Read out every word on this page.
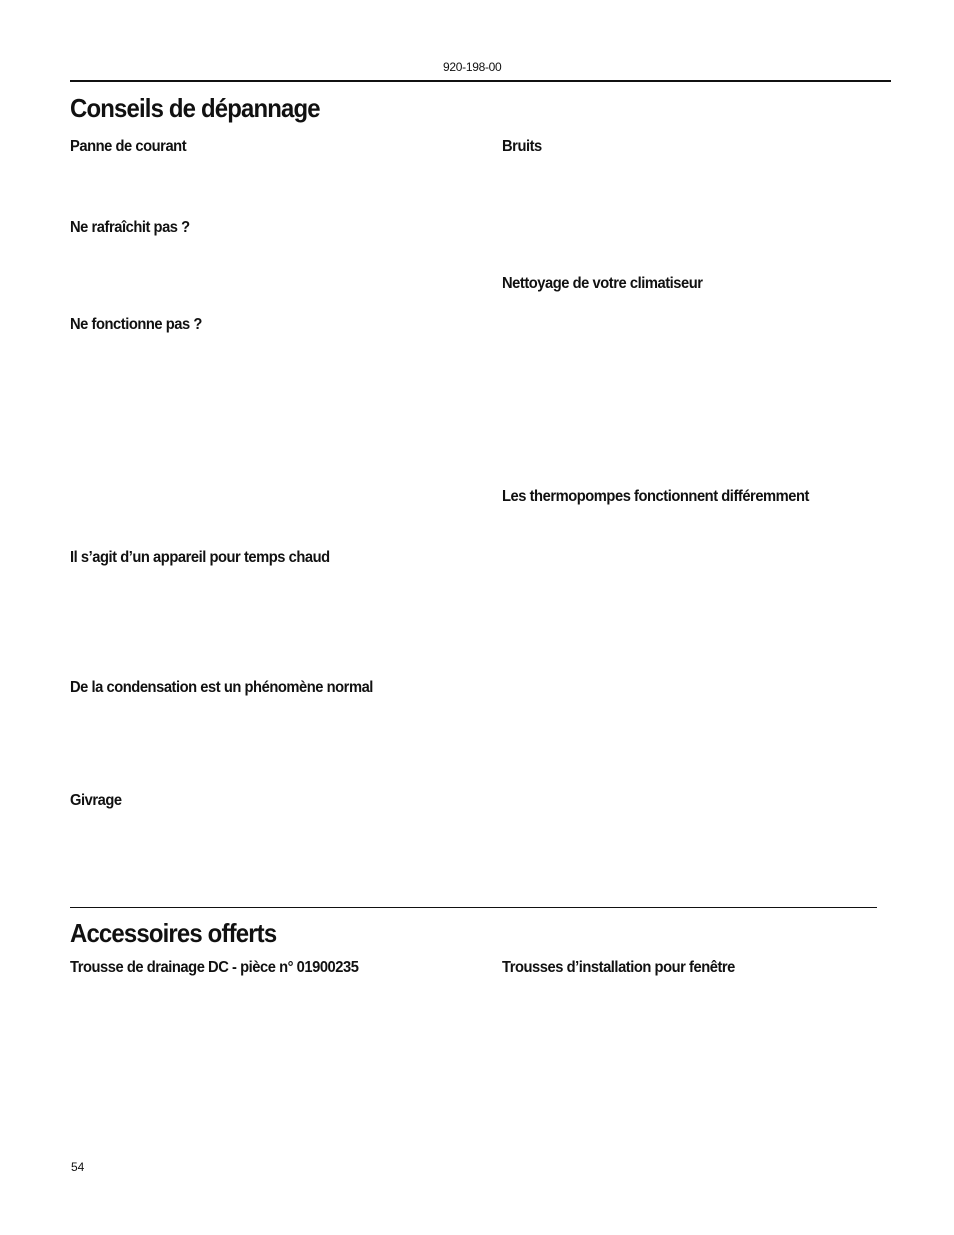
920-198-00
Conseils de dépannage
Panne de courant
Ne rafraîchit pas ?
Ne fonctionne pas ?
Il s’agit d’un appareil pour temps chaud
De la condensation est un phénomène normal
Givrage
Bruits
Nettoyage de votre climatiseur
Les thermopompes fonctionnent différemment
Accessoires offerts
Trousse de drainage DC - pièce n° 01900235	Trousses d’installation pour fenêtre
54
